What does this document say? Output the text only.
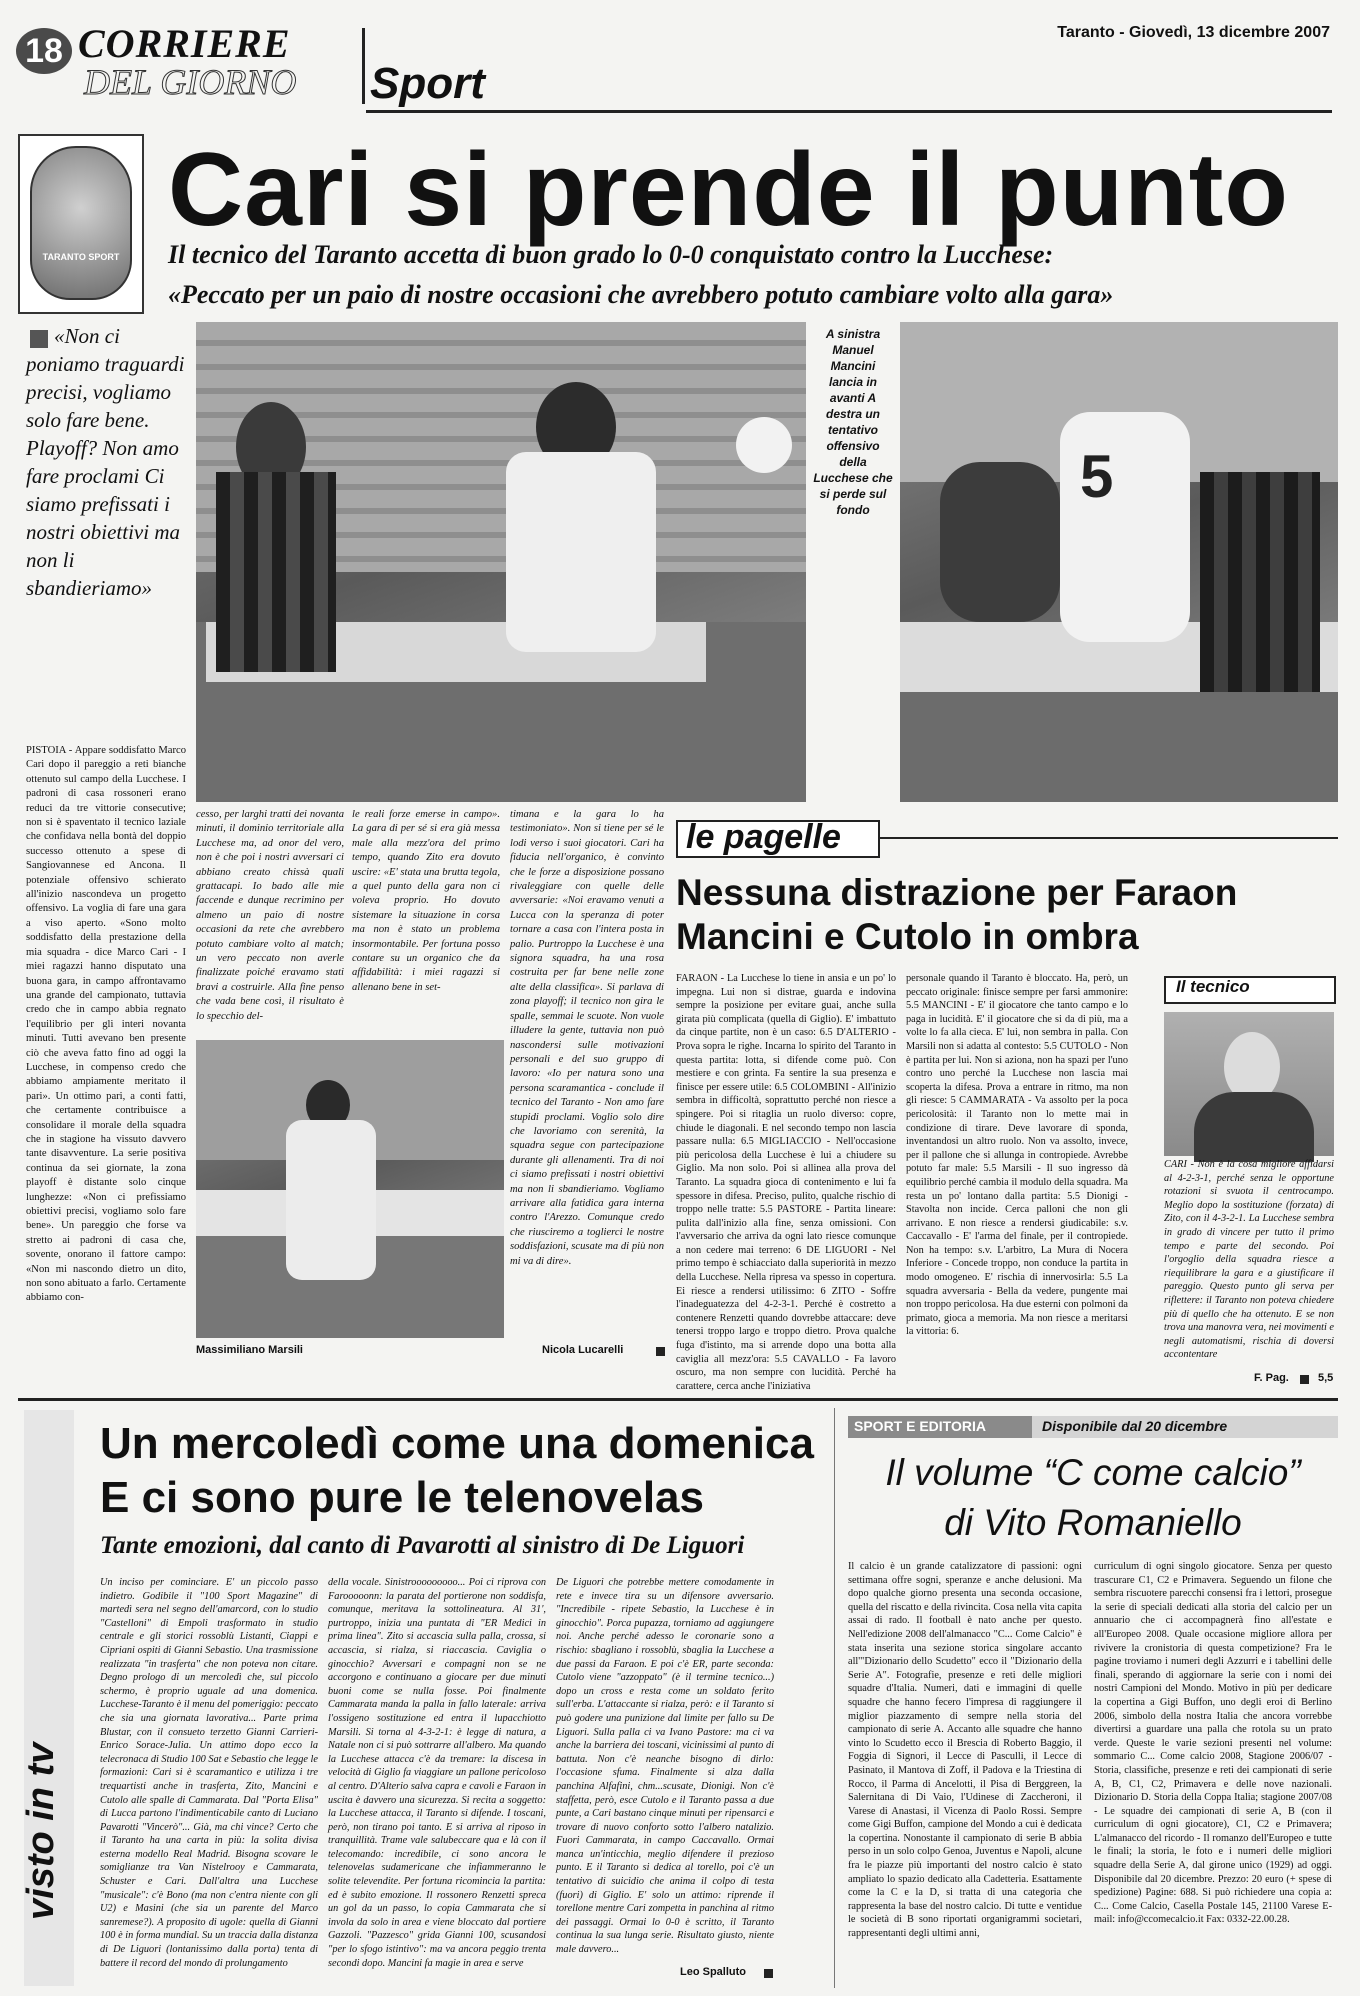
18 CORRIERE
DEL GIORNO Sport
Taranto - Giovedì, 13 dicembre 2007
TARANTO SPORT
Cari si prende il punto
Il tecnico del Taranto accetta di buon grado lo 0-0 conquistato contro la Lucchese:
«Peccato per un paio di nostre occasioni che avrebbero potuto cambiare volto alla gara»
«Non ci poniamo traguardi precisi, vogliamo solo fare bene. Playoff? Non amo fare proclami Ci siamo prefissati i nostri obiettivi ma non li sbandieriamo»
PISTOIA - Appare soddisfatto Marco Cari dopo il pareggio a reti bianche ottenuto sul campo della Lucchese. I padroni di casa rossoneri erano reduci da tre vittorie consecutive; non si è spaventato il tecnico laziale che confidava nella bontà del doppio successo ottenuto a spese di Sangiovannese ed Ancona. Il potenziale offensivo schierato all'inizio nascondeva un progetto offensivo. La voglia di fare una gara a viso aperto. «Sono molto soddisfatto della prestazione della mia squadra - dice Marco Cari - I miei ragazzi hanno disputato una buona gara, in campo affrontavamo una grande del campionato, tuttavia credo che in campo abbia regnato l'equilibrio per gli interi novanta minuti. Tutti avevano ben presente ciò che aveva fatto fino ad oggi la Lucchese, in compenso credo che abbiamo ampiamente meritato il pari». Un ottimo pari, a conti fatti, che certamente contribuisce a consolidare il morale della squadra che in stagione ha vissuto davvero tante disavventure. La serie positiva continua da sei giornate, la zona playoff è distante solo cinque lunghezze: «Non ci prefissiamo obiettivi precisi, vogliamo solo fare bene». Un pareggio che forse va stretto ai padroni di casa che, sovente, onorano il fattore campo: «Non mi nascondo dietro un dito, non sono abituato a farlo. Certamente abbiamo con-
A sinistra Manuel Mancini lancia in avanti A destra un tentativo offensivo della Lucchese che si perde sul fondo	5
cesso, per larghi tratti dei novanta minuti, il dominio territoriale alla Lucchese ma, ad onor del vero, non è che poi i nostri avversari ci abbiano creato chissà quali grattacapi. Io bado alle mie faccende e dunque recrimino per almeno un paio di nostre occasioni da rete che avrebbero potuto cambiare volto al match; un vero peccato non averle finalizzate poiché eravamo stati bravi a costruirle. Alla fine penso che vada bene così, il risultato è lo specchio del-
le reali forze emerse in campo». La gara di per sé si era già messa male alla mezz'ora del primo tempo, quando Zito era dovuto uscire: «E' stata una brutta tegola, a quel punto della gara non ci voleva proprio. Ho dovuto sistemare la situazione in corsa ma non è stato un problema insormontabile. Per fortuna posso contare su un organico che da affidabilità: i miei ragazzi si allenano bene in set-
Massimiliano Marsili
timana e la gara lo ha testimoniato». Non si tiene per sé le lodi verso i suoi giocatori. Cari ha fiducia nell'organico, è convinto che le forze a disposizione possano rivaleggiare con quelle delle avversarie: «Noi eravamo venuti a Lucca con la speranza di poter tornare a casa con l'intera posta in palio. Purtroppo la Lucchese è una signora squadra, ha una rosa costruita per far bene nelle zone alte della classifica». Si parlava di zona playoff; il tecnico non gira le spalle, semmai le scuote. Non vuole illudere la gente, tuttavia non può nascondersi sulle motivazioni personali e del suo gruppo di lavoro: «Io per natura sono una persona scaramantica - conclude il tecnico del Taranto - Non amo fare stupidi proclami. Voglio solo dire che lavoriamo con serenità, la squadra segue con partecipazione durante gli allenamenti. Tra di noi ci siamo prefissati i nostri obiettivi ma non li sbandieriamo. Vogliamo arrivare alla fatidica gara interna contro l'Arezzo. Comunque credo che riusciremo a toglierci le nostre soddisfazioni, scusate ma di più non mi va di dire».
Nicola Lucarelli
le pagelle
Nessuna distrazione per Faraon
Mancini e Cutolo in ombra
FARAON - La Lucchese lo tiene in ansia e un po' lo impegna. Lui non si distrae, guarda e indovina sempre la posizione per evitare guai, anche sulla girata più complicata (quella di Giglio). E' imbattuto da cinque partite, non è un caso: 6.5 D'ALTERIO - Prova sopra le righe. Incarna lo spirito del Taranto in questa partita: lotta, si difende come può. Con mestiere e con grinta. Fa sentire la sua presenza e finisce per essere utile: 6.5 COLOMBINI - All'inizio sembra in difficoltà, soprattutto perché non riesce a spingere. Poi si ritaglia un ruolo diverso: copre, chiude le diagonali. E nel secondo tempo non lascia passare nulla: 6.5 MIGLIACCIO - Nell'occasione più pericolosa della Lucchese è lui a chiudere su Giglio. Ma non solo. Poi si allinea alla prova del Taranto. La squadra gioca di contenimento e lui fa spessore in difesa. Preciso, pulito, qualche rischio di troppo nelle tratte: 5.5 PASTORE - Partita lineare: pulita dall'inizio alla fine, senza omissioni. Con l'avversario che arriva da ogni lato riesce comunque a non cedere mai terreno: 6 DE LIGUORI - Nel primo tempo è schiacciato dalla superiorità in mezzo della Lucchese. Nella ripresa va spesso in copertura. Ei riesce a rendersi utilissimo: 6 ZITO - Soffre l'inadeguatezza del 4-2-3-1. Perché è costretto a contenere Renzetti quando dovrebbe attaccare: deve tenersi troppo largo e troppo dietro. Prova qualche fuga d'istinto, ma si arrende dopo una botta alla caviglia all mezz'ora: 5.5 CAVALLO - Fa lavoro oscuro, ma non sempre con lucidità. Perché ha carattere, cerca anche l'iniziativa
personale quando il Taranto è bloccato. Ha, però, un peccato originale: finisce sempre per farsi ammonire: 5.5 MANCINI - E' il giocatore che tanto campo e lo paga in lucidità. E' il giocatore che si da di più, ma a volte lo fa alla cieca. E' lui, non sembra in palla. Con Marsili non si adatta al contesto: 5.5 CUTOLO - Non è partita per lui. Non si aziona, non ha spazi per l'uno contro uno perché la Lucchese non lascia mai scoperta la difesa. Prova a entrare in ritmo, ma non gli riesce: 5 CAMMARATA - Va assolto per la poca pericolosità: il Taranto non lo mette mai in condizione di tirare. Deve lavorare di sponda, inventandosi un altro ruolo. Non va assolto, invece, per il pallone che si allunga in contropiede. Avrebbe potuto far male: 5.5 Marsili - Il suo ingresso dà equilibrio perché cambia il modulo della squadra. Ma resta un po' lontano dalla partita: 5.5 Dionigi - Stavolta non incide. Cerca palloni che non gli arrivano. E non riesce a rendersi giudicabile: s.v. Caccavallo - E' l'arma del finale, per il contropiede. Non ha tempo: s.v. L'arbitro, La Mura di Nocera Inferiore - Concede troppo, non conduce la partita in modo omogeneo. E' rischia di innervosirla: 5.5 La squadra avversaria - Bella da vedere, pungente mai non troppo pericolosa. Ha due esterni con polmoni da primato, gioca a memoria. Ma non riesce a meritarsi la vittoria: 6.
Il tecnico
CARI - Non è la cosa migliore affidarsi al 4-2-3-1, perché senza le opportune rotazioni si svuota il centrocampo. Meglio dopo la sostituzione (forzata) di Zito, con il 4-3-2-1. La Lucchese sembra in grado di vincere per tutto il primo tempo e parte del secondo. Poi l'orgoglio della squadra riesce a riequilibrare la gara e a giustificare il pareggio. Questo punto gli serva per riflettere: il Taranto non poteva chiedere più di quello che ha ottenuto. E se non trova una manovra vera, nei movimenti e negli automatismi, rischia di doversi accontentare
F. Pag.	5,5
visto in tv
Un mercoledì come una domenica
E ci sono pure le telenovelas
Tante emozioni, dal canto di Pavarotti al sinistro di De Liguori
Un inciso per cominciare. E' un piccolo passo indietro. Godibile il "100 Sport Magazine" di martedì sera nel segno dell'amarcord, con lo studio "Castelloni" di Empoli trasformato in studio centrale e gli storici rossoblù Listanti, Ciappi e Cipriani ospiti di Gianni Sebastio. Una trasmissione realizzata "in trasferta" che non poteva non citare. Degno prologo di un mercoledì che, sul piccolo schermo, è proprio uguale ad una domenica. Lucchese-Taranto è il menu del pomeriggio: peccato che sia una giornata lavorativa... Parte prima Blustar, con il consueto terzetto Gianni Carrieri-Enrico Sorace-Julia. Un attimo dopo ecco la telecronaca di Studio 100 Sat e Sebastio che legge le formazioni: Cari si è scaramantico e utilizza i tre trequartisti anche in trasferta, Zito, Mancini e Cutolo alle spalle di Cammarata. Dal "Porta Elisa" di Lucca partono l'indimenticabile canto di Luciano Pavarotti "Vincerò"... Già, ma chi vince? Certo che il Taranto ha una carta in più: la solita divisa esterna modello Real Madrid. Bisogna scovare le somiglianze tra Van Nistelrooy e Cammarata, Schuster e Cari. Dall'altra una Lucchese "musicale": c'è Bono (ma non c'entra niente con gli U2) e Masini (che sia un parente del Marco sanremese?). A proposito di ugole: quella di Gianni 100 è in forma mundial. Su un traccia dalla distanza di De Liguori (lontanissimo dalla porta) tenta di battere il record del mondo di prolungamento
della vocale. Sinistrooooooooo... Poi ci riprova con Farooooonn: la parata del portierone non soddisfa, comunque, meritava la sottolineatura. Al 31', purtroppo, inizia una puntata di "ER Medici in prima linea". Zito si accascia sulla palla, crossa, si accascia, si rialza, si riaccascia. Caviglia o ginocchio? Avversari e compagni non se ne accorgono e continuano a giocare per due minuti buoni come se nulla fosse. Poi finalmente Cammarata manda la palla in fallo laterale: arriva l'ossigeno sostituzione ed entra il lupacchiotto Marsili. Si torna al 4-3-2-1: è legge di natura, a Natale non ci si può sottrarre all'albero. Ma quando la Lucchese attacca c'è da tremare: la discesa in velocità di Giglio fa viaggiare un pallone pericoloso al centro. D'Alterio salva capra e cavoli e Faraon in uscita è davvero una sicurezza. Si recita a soggetto: la Lucchese attacca, il Taranto si difende. I toscani, però, non tirano poi tanto. E si arriva al riposo in tranquillità. Trame vale salubeccare qua e là con il telecomando: incredibile, ci sono ancora le telenovelas sudamericane che infiammeranno le solite televendite. Per fortuna ricomincia la partita: ed è subito emozione. Il rossonero Renzetti spreca un gol da un passo, lo copia Cammarata che si invola da solo in area e viene bloccato dal portiere Gazzoli. "Pazzesco" grida Gianni 100, scusandosi "per lo sfogo istintivo": ma va ancora peggio trenta secondi dopo. Mancini fa magie in area e serve
De Liguori che potrebbe mettere comodamente in rete e invece tira su un difensore avversario. "Incredibile - ripete Sebastio, la Lucchese è in ginocchio". Porca pupazza, torniamo ad aggiungere noi. Anche perché adesso le coronarie sono a rischio: sbagliano i rossoblù, sbaglia la Lucchese a due passi da Faraon. E poi c'è ER, parte seconda: Cutolo viene "azzoppato" (è il termine tecnico...) dopo un cross e resta come un soldato ferito sull'erba. L'attaccante si rialza, però: e il Taranto si può godere una punizione dal limite per fallo su De Liguori. Sulla palla ci va Ivano Pastore: ma ci va anche la barriera dei toscani, vicinissimi al punto di battuta. Non c'è neanche bisogno di dirlo: l'occasione sfuma. Finalmente si alza dalla panchina Alfafini, chm...scusate, Dionigi. Non c'è staffetta, però, esce Cutolo e il Taranto passa a due punte, a Cari bastano cinque minuti per ripensarci e trovare di nuovo conforto sotto l'albero natalizio. Fuori Cammarata, in campo Caccavallo. Ormai manca un'inticchia, meglio difendere il prezioso punto. E il Taranto si dedica al torello, poi c'è un tentativo di suicidio che anima il colpo di testa (fuori) di Giglio. E' solo un attimo: riprende il torellone mentre Cari zompetta in panchina al ritmo dei passaggi. Ormai lo 0-0 è scritto, il Taranto continua la sua lunga serie. Risultato giusto, niente male davvero...
Leo Spalluto
SPORT E EDITORIA	Disponibile dal 20 dicembre
Il volume “C come calcio”
di Vito Romaniello
Il calcio è un grande catalizzatore di passioni: ogni settimana offre sogni, speranze e anche delusioni. Ma dopo qualche giorno presenta una seconda occasione, quella del riscatto e della rivincita. Cosa nella vita capita assai di rado. Il football è nato anche per questo. Nell'edizione 2008 dell'almanacco "C... Come Calcio" è stata inserita una sezione storica singolare accanto all'"Dizionario dello Scudetto" ecco il "Dizionario della Serie A". Fotografie, presenze e reti delle migliori squadre d'Italia. Numeri, dati e immagini di quelle squadre che hanno fecero l'impresa di raggiungere il miglior piazzamento di sempre nella storia del campionato di serie A. Accanto alle squadre che hanno vinto lo Scudetto ecco il Brescia di Roberto Baggio, il Foggia di Signori, il Lecce di Pasculli, il Lecce di Pasinato, il Mantova di Zoff, il Padova e la Triestina di Rocco, il Parma di Ancelotti, il Pisa di Berggreen, la Salernitana di Di Vaio, l'Udinese di Zaccheroni, il Varese di Anastasi, il Vicenza di Paolo Rossi. Sempre come Gigi Buffon, campione del Mondo a cui è dedicata la copertina. Nonostante il campionato di serie B abbia perso in un solo colpo Genoa, Juventus e Napoli, alcune fra le piazze più importanti del nostro calcio è stato ampliato lo spazio dedicato alla Cadetteria. Esattamente come la C e la D, si tratta di una categoria che rappresenta la base del nostro calcio. Di tutte e ventidue le società di B sono riportati organigrammi societari, rappresentanti degli ultimi anni,
curriculum di ogni singolo giocatore. Senza per questo trascurare C1, C2 e Primavera. Seguendo un filone che sembra riscuotere parecchi consensi fra i lettori, prosegue la serie di speciali dedicati alla storia del calcio per un annuario che ci accompagnerà fino all'estate e all'Europeo 2008. Quale occasione migliore allora per rivivere la cronistoria di questa competizione? Fra le pagine troviamo i numeri degli Azzurri e i tabellini delle finali, sperando di aggiornare la serie con i nomi dei nostri Campioni del Mondo. Motivo in più per dedicare la copertina a Gigi Buffon, uno degli eroi di Berlino 2006, simbolo della nostra Italia che ancora vorrebbe divertirsi a guardare una palla che rotola su un prato verde. Queste le varie sezioni presenti nel volume: sommario C... Come calcio 2008, Stagione 2006/07 - Storia, classifiche, presenze e reti dei campionati di serie A, B, C1, C2, Primavera e delle nove nazionali. Dizionario D. Storia della Coppa Italia; stagione 2007/08 - Le squadre dei campionati di serie A, B (con il curriculum di ogni giocatore), C1, C2 e Primavera; L'almanacco del ricordo - Il romanzo dell'Europeo e tutte le finali; la storia, le foto e i numeri delle migliori squadre della Serie A, dal girone unico (1929) ad oggi. Disponibile dal 20 dicembre. Prezzo: 20 euro (+ spese di spedizione) Pagine: 688. Si può richiedere una copia a: C... Come Calcio, Casella Postale 145, 21100 Varese E-mail: info@ccomecalcio.it Fax: 0332-22.00.28.
